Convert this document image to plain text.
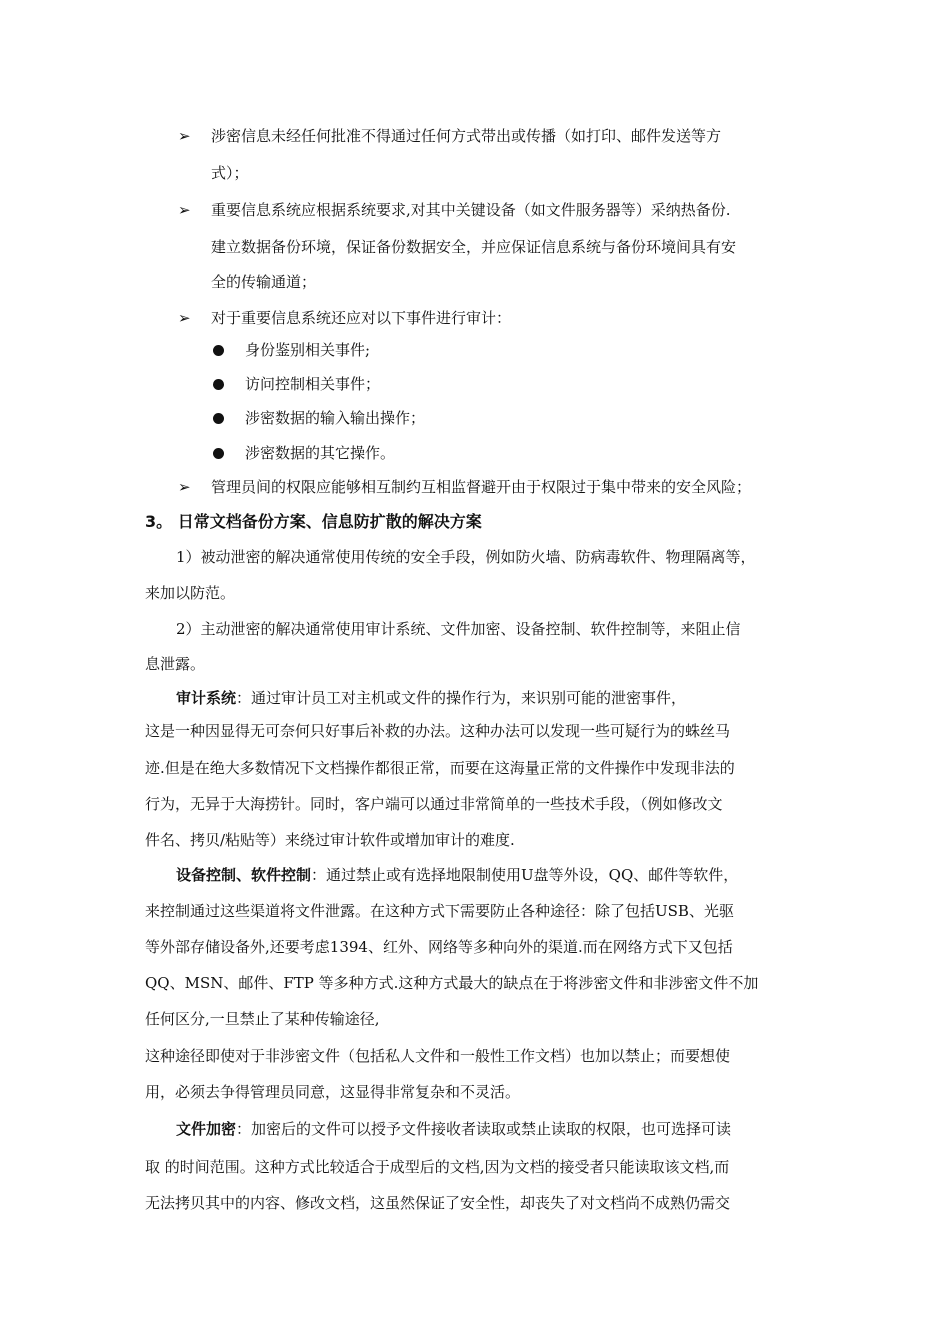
➢ 涉密信息未经任何批准不得通过任何方式带出或传播（如打印、邮件发送等方
式）；
➢ 重要信息系统应根据系统要求,对其中关键设备（如文件服务器等）采纳热备份.
建立数据备份环境，保证备份数据安全，并应保证信息系统与备份环境间具有安
全的传输通道；
➢ 对于重要信息系统还应对以下事件进行审计：
身份鉴别相关事件;
访问控制相关事件；
涉密数据的输入输出操作；
涉密数据的其它操作。
➢ 管理员间的权限应能够相互制约互相监督避开由于权限过于集中带来的安全风险；
3。 日常文档备份方案、信息防扩散的解决方案
1）被动泄密的解决通常使用传统的安全手段，例如防火墙、防病毒软件、物理隔离等，
来加以防范。
2）主动泄密的解决通常使用审计系统、文件加密、设备控制、软件控制等，来阻止信
息泄露。
审计系统：通过审计员工对主机或文件的操作行为，来识别可能的泄密事件，
这是一种因显得无可奈何只好事后补救的办法。这种办法可以发现一些可疑行为的蛛丝马
迹.但是在绝大多数情况下文档操作都很正常，而要在这海量正常的文件操作中发现非法的
行为，无异于大海捞针。同时，客户端可以通过非常简单的一些技术手段，（例如修改文
件名、拷贝/粘贴等）来绕过审计软件或增加审计的难度.
设备控制、软件控制：通过禁止或有选择地限制使用U盘等外设，QQ、邮件等软件，
来控制通过这些渠道将文件泄露。在这种方式下需要防止各种途径：除了包括USB、光驱
等外部存储设备外,还要考虑1394、红外、网络等多种向外的渠道.而在网络方式下又包括
QQ、MSN、邮件、FTP 等多种方式.这种方式最大的缺点在于将涉密文件和非涉密文件不加
任何区分,一旦禁止了某种传输途径,
这种途径即使对于非涉密文件（包括私人文件和一般性工作文档）也加以禁止；而要想使
用，必须去争得管理员同意，这显得非常复杂和不灵活。
文件加密：加密后的文件可以授予文件接收者读取或禁止读取的权限，也可选择可读
取 的时间范围。这种方式比较适合于成型后的文档,因为文档的接受者只能读取该文档,而
无法拷贝其中的内容、修改文档，这虽然保证了安全性，却丧失了对文档尚不成熟仍需交
